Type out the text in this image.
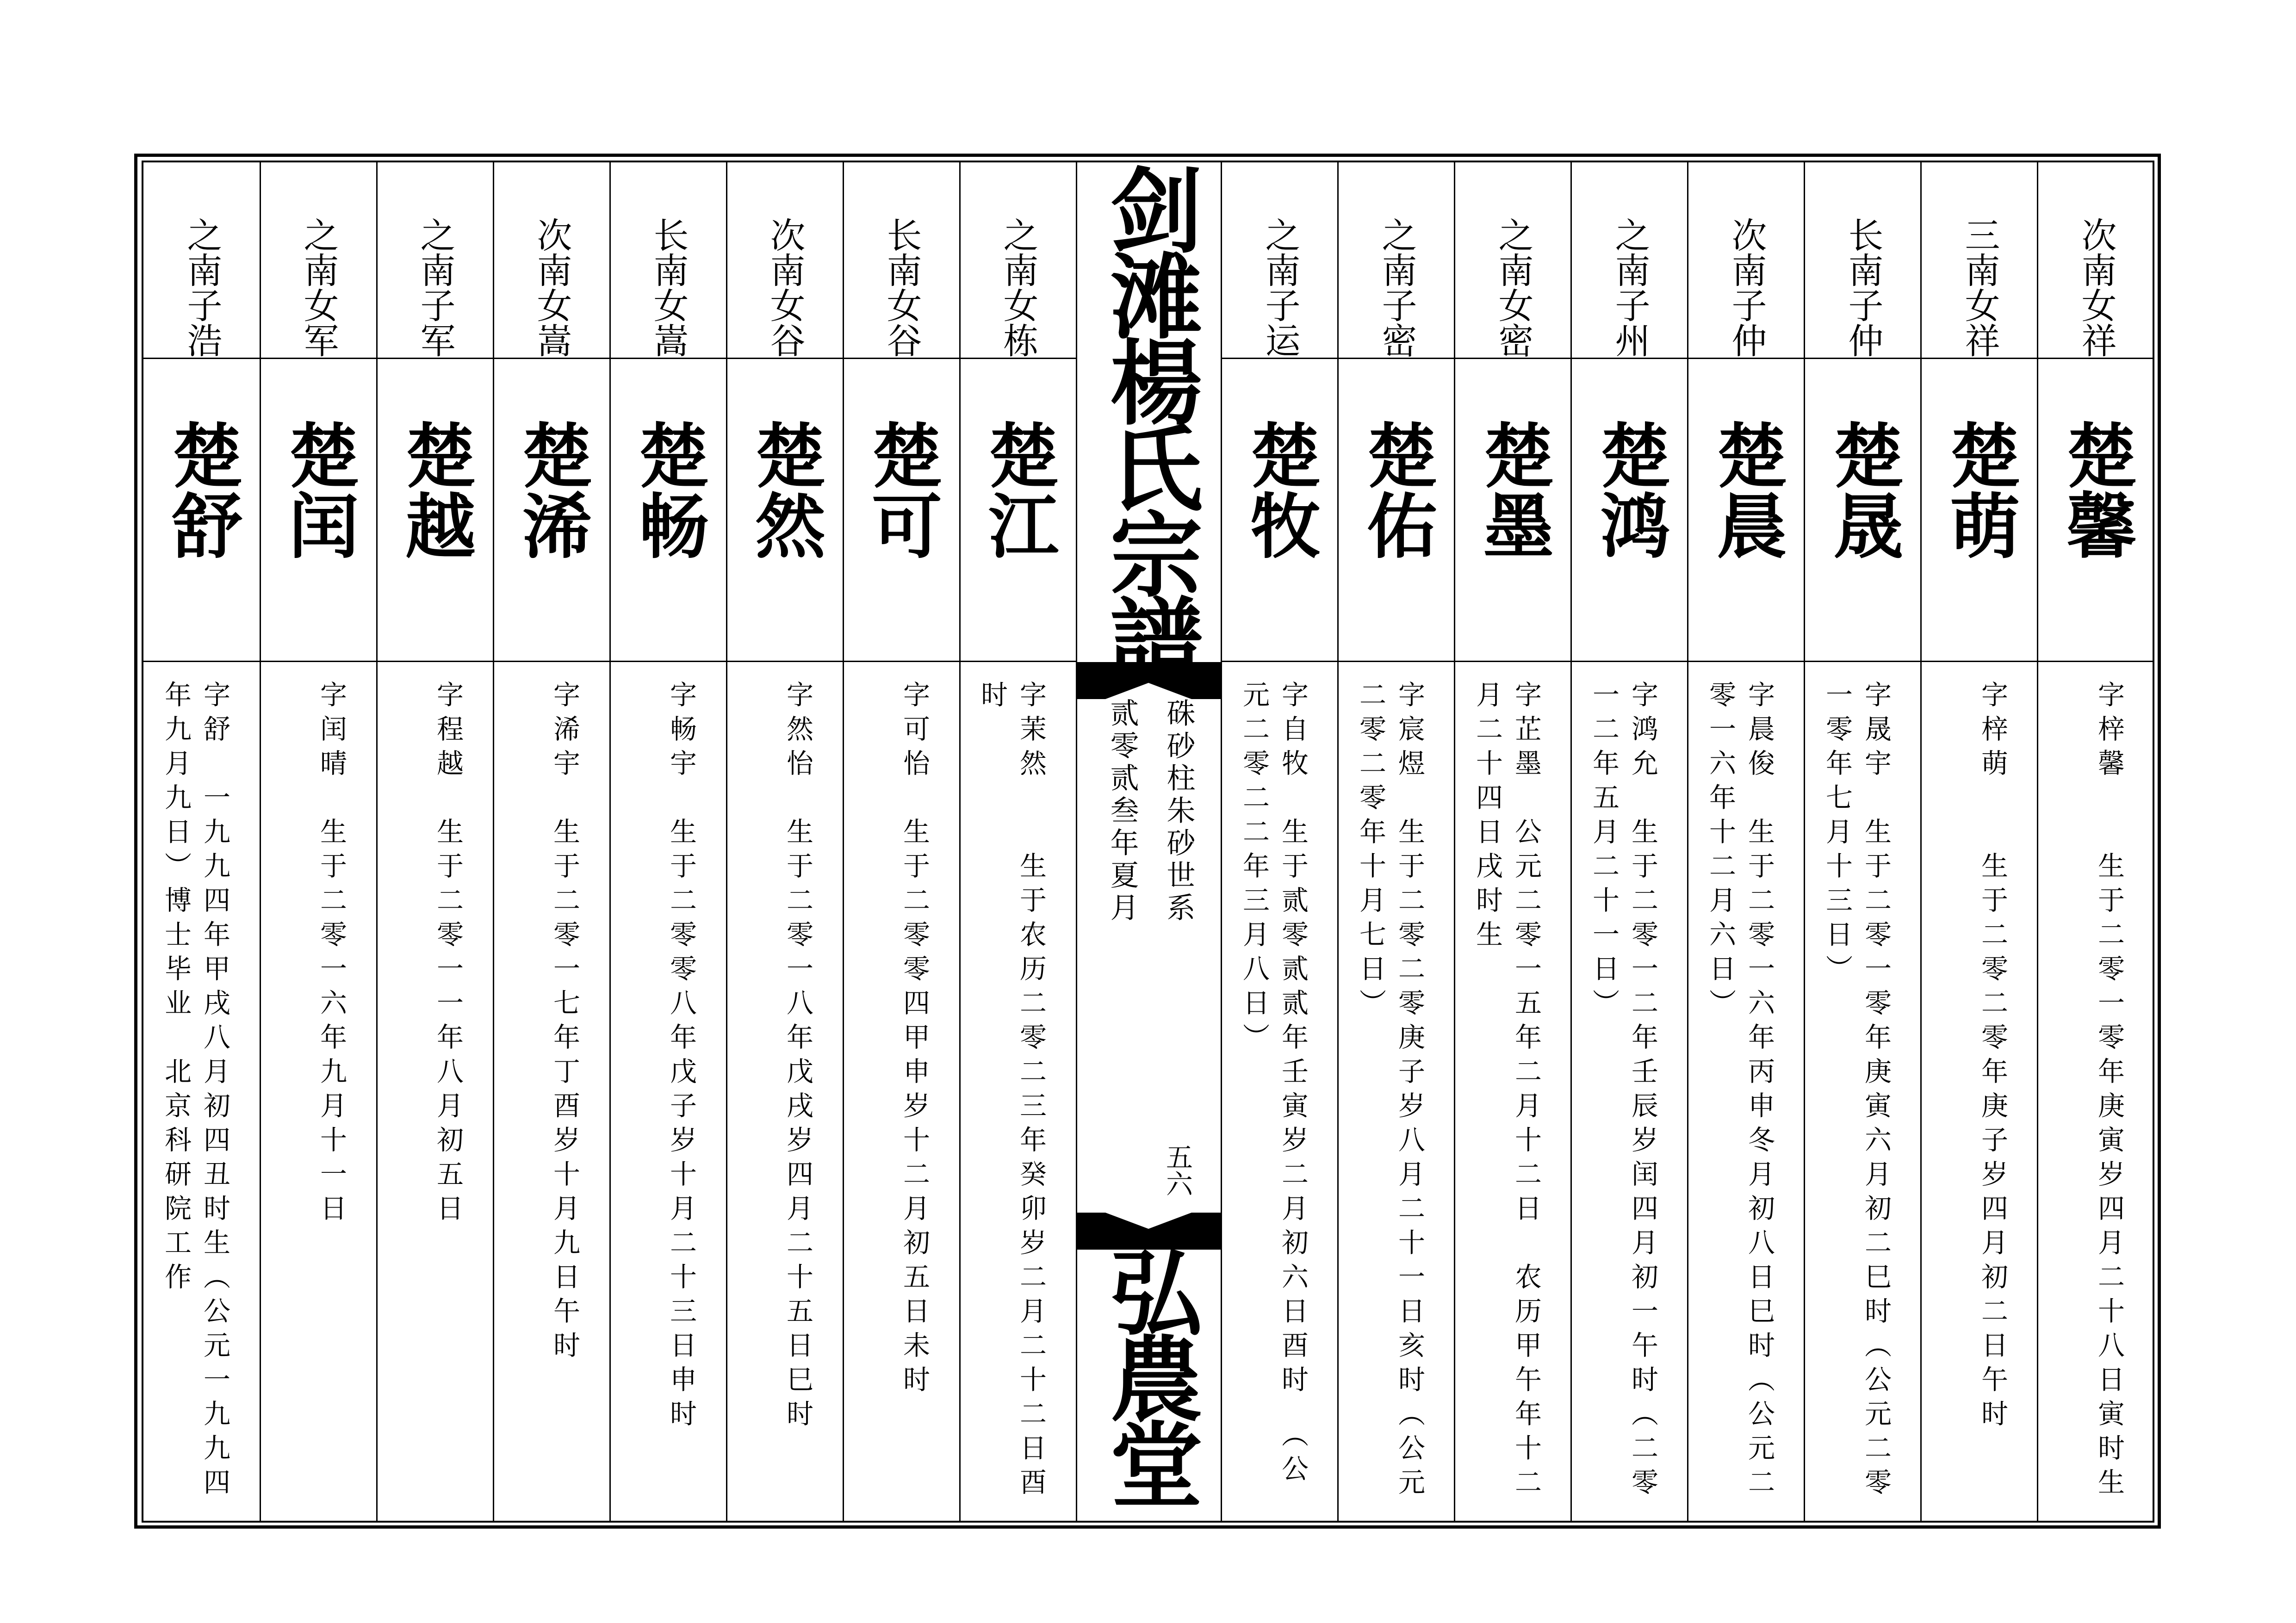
之南子浩
楚舒
字舒　一九九四年甲戌八月初四丑时生（公元一九九四年九月九日）博士毕业　北京科研院工作
之南女军
楚闰
字闰晴　生于二零一六年九月十一日
之南子军
楚越
字程越　生于二零一一年八月初五日
次南女嵩
楚浠
字浠宇　生于二零一七年丁酉岁十月九日午时
长南女嵩
楚畅
字畅宇　生于二零零八年戊子岁十月二十三日申时
次南女谷
楚然
字然怡　生于二零一八年戊戌岁四月二十五日巳时
长南女谷
楚可
字可怡　生于二零零四甲申岁十二月初五日未时
之南女栋
楚江
字茉然　　生于农历二零二三年癸卯岁二月二十二日酉时
之南子运
楚牧
字自牧　生于贰零贰贰年壬寅岁二月初六日酉时　（公元二零二二年三月八日）
之南子密
楚佑
字宸煜　生于二零二零庚子岁八月二十一日亥时（公元二零二零年十月七日）
之南女密
楚墨
字芷墨　公元二零一五年二月十二日　农历甲午年十二月二十四日戌时生
之南子州
楚鸿
字鸿允　生于二零一二年壬辰岁闰四月初一午时（二零一二年五月二十一日）
次南子仲
楚晨
字晨俊　生于二零一六年丙申冬月初八日巳时（公元二零一六年十二月六日）
长南子仲
楚晟
字晟宇　生于二零一零年庚寅六月初二巳时（公元二零一零年七月十三日）
三南女祥
楚萌
字梓萌　　生于二零二零年庚子岁四月初二日午时
次南女祥
楚馨
字梓馨　　生于二零一零年庚寅岁四月二十八日寅时生
剑滩楊氏宗譜
硃砂柱朱砂世系
贰零贰叁年夏月
五六
弘農堂
